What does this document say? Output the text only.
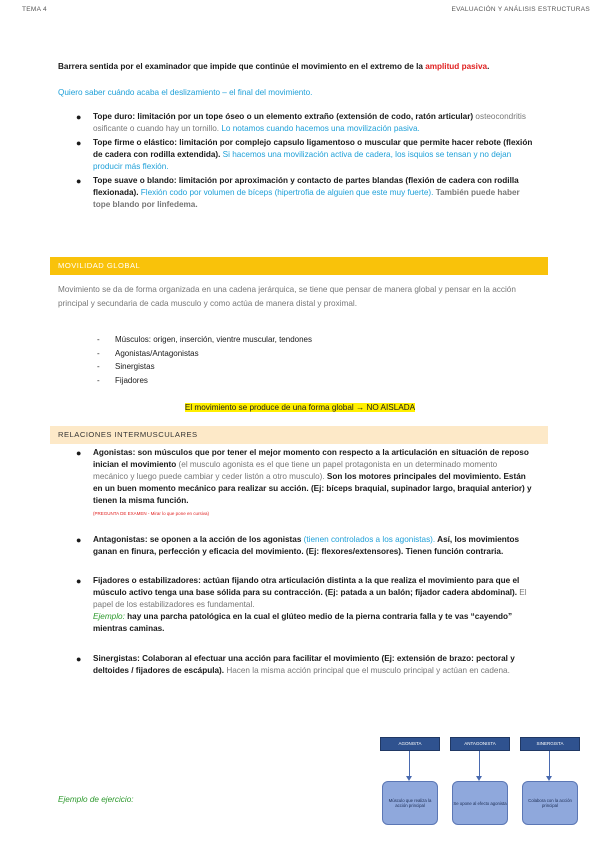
TEMA 4	EVALUACIÓN Y ANÁLISIS ESTRUCTURAS
Barrera sentida por el examinador que impide que continúe el movimiento en el extremo de la amplitud pasiva.
Quiero saber cuándo acaba el deslizamiento – el final del movimiento.
● Tope duro: limitación por un tope óseo o un elemento extraño (extensión de codo, ratón articular) osteocondritis osificante o cuando hay un tornillo. Lo notamos cuando hacemos una movilización pasiva.
● Tope firme o elástico: limitación por complejo capsulo ligamentoso o muscular que permite hacer rebote (flexión de cadera con rodilla extendida). Si hacemos una movilización activa de cadera, los isquios se tensan y no dejan producir más flexión.
● Tope suave o blando: limitación por aproximación y contacto de partes blandas (flexión de cadera con rodilla flexionada). Flexión codo por volumen de bíceps (hipertrofia de alguien que este muy fuerte). También puede haber tope blando por linfedema.
MOVILIDAD GLOBAL
Movimiento se da de forma organizada en una cadena jerárquica, se tiene que pensar de manera global y pensar en la acción principal y secundaria de cada musculo y como actúa de manera distal y proximal.
- Músculos: origen, inserción, vientre muscular, tendones
- Agonistas/Antagonistas
- Sinergistas
- Fijadores
El movimiento se produce de una forma global → NO AISLADA
RELACIONES INTERMUSCULARES
● Agonistas: son músculos que por tener el mejor momento con respecto a la articulación en situación de reposo inician el movimiento (el musculo agonista es el que tiene un papel protagonista en un determinado momento mecánico y luego puede cambiar y ceder listón a otro musculo). Son los motores principales del movimiento. Están en un buen momento mecánico para realizar su acción. (Ej: bíceps braquial, supinador largo, braquial anterior) y tienen la misma función.
(PREGUNTA DE EXAMEN - Mirar lo que pone en cursiva)
● Antagonistas: se oponen a la acción de los agonistas (tienen controlados a los agonistas). Así, los movimientos ganan en finura, perfección y eficacia del movimiento. (Ej: flexores/extensores). Tienen función contraria.
● Fijadores o estabilizadores: actúan fijando otra articulación distinta a la que realiza el movimiento para que el músculo activo tenga una base sólida para su contracción. (Ej: patada a un balón; fijador cadera abdominal). El papel de los estabilizadores es fundamental.
Ejemplo: hay una parcha patológica en la cual el glúteo medio de la pierna contraria falla y te vas “cayendo” mientras caminas.
● Sinergistas: Colaboran al efectuar una acción para facilitar el movimiento (Ej: extensión de brazo: pectoral y deltoides / fijadores de escápula). Hacen la misma acción principal que el musculo principal y actúan en cadena.
Ejemplo de ejercicio:
AGONISTA	ANTAGONISTA	SINERGISTA
Músculo que realiza la acción principal	Se opone al efecto agonista	Colabora con la acción principal
